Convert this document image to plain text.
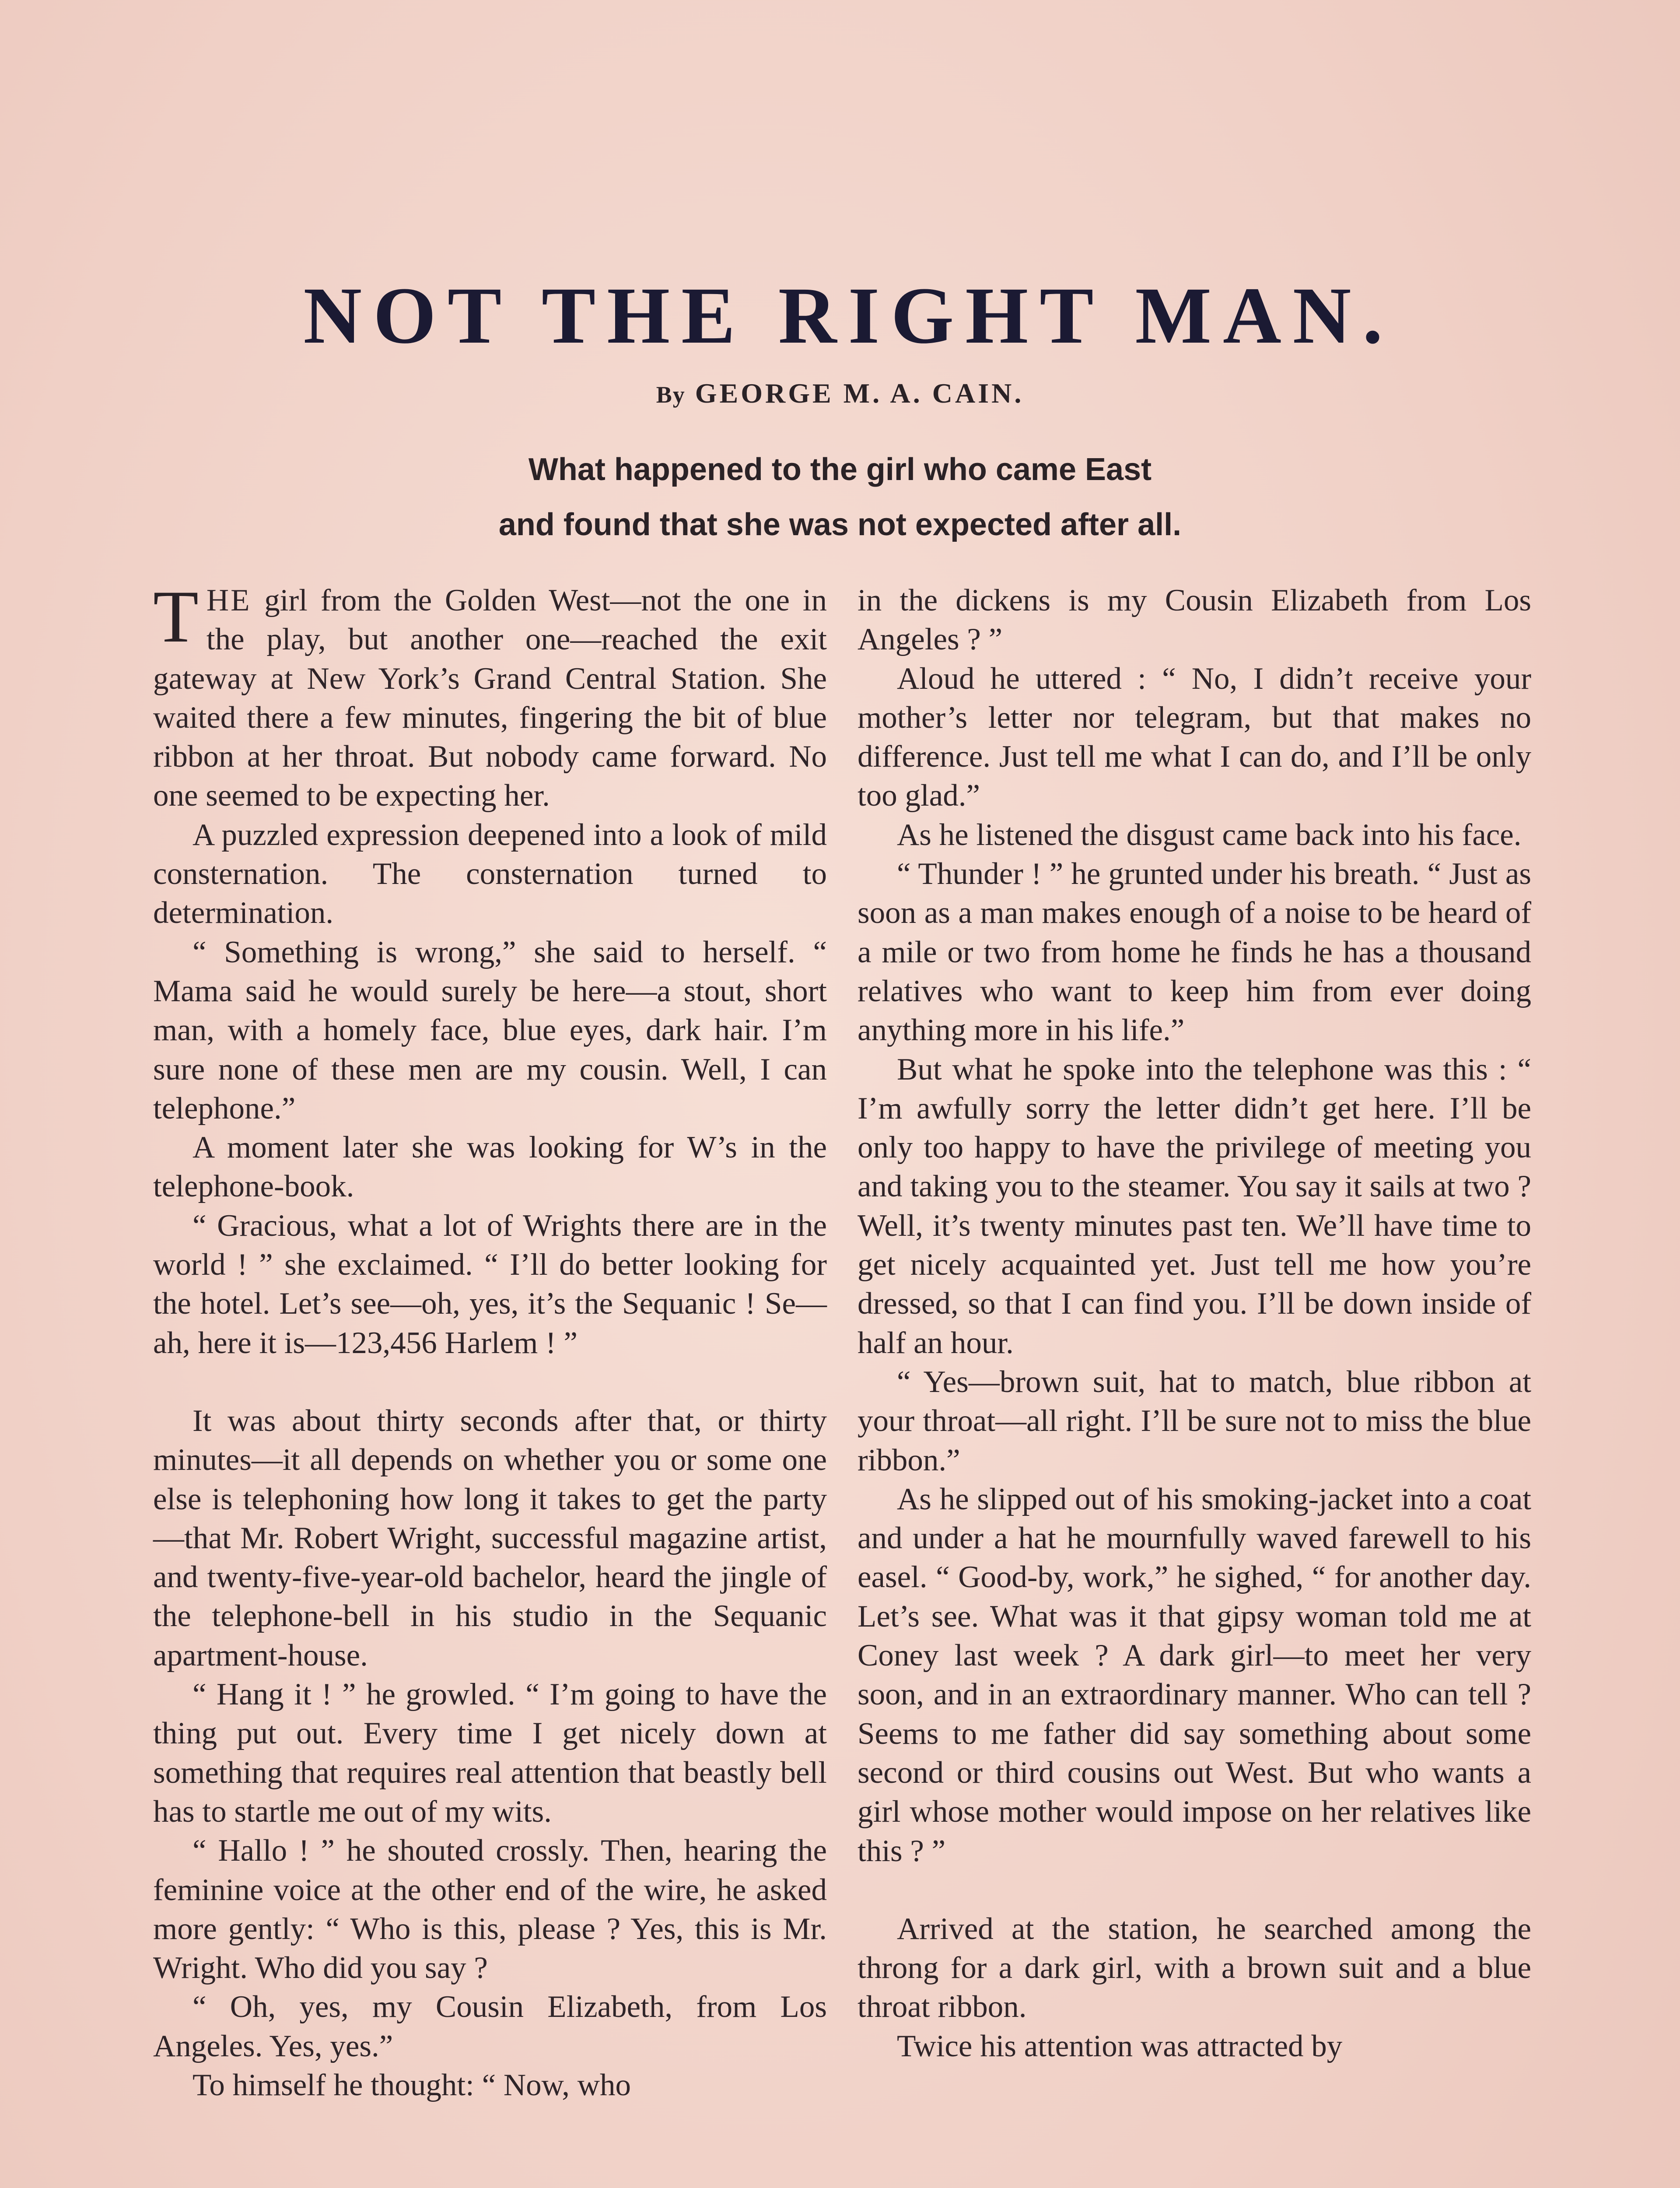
NOT THE RIGHT MAN.
By GEORGE M. A. CAIN.
What happened to the girl who came East
and found that she was not expected after all.

THE girl from the Golden West—not the one in the play, but another one—reached the exit gateway at New York’s Grand Central Station. She waited there a few minutes, fingering the bit of blue ribbon at her throat. But nobody came forward. No one seemed to be expecting her.

A puzzled expression deepened into a look of mild consternation. The consternation turned to determination.

“ Something is wrong,” she said to herself. “ Mama said he would surely be here—a stout, short man, with a homely face, blue eyes, dark hair. I’m sure none of these men are my cousin. Well, I can telephone.”

A moment later she was looking for W’s in the telephone-book.

“ Gracious, what a lot of Wrights there are in the world ! ” she exclaimed. “ I’ll do better looking for the hotel. Let’s see—oh, yes, it’s the Sequanic ! Se—ah, here it is—123,456 Harlem ! ”

It was about thirty seconds after that, or thirty minutes—it all depends on whether you or some one else is telephoning how long it takes to get the party—that Mr. Robert Wright, successful magazine artist, and twenty-five-year-old bachelor, heard the jingle of the telephone-bell in his studio in the Sequanic apartment-house.

“ Hang it ! ” he growled. “ I’m going to have the thing put out. Every time I get nicely down at something that requires real attention that beastly bell has to startle me out of my wits.

“ Hallo ! ” he shouted crossly. Then, hearing the feminine voice at the other end of the wire, he asked more gently: “ Who is this, please ? Yes, this is Mr. Wright. Who did you say ?

“ Oh, yes, my Cousin Elizabeth, from Los Angeles. Yes, yes.”

To himself he thought: “ Now, who

in the dickens is my Cousin Elizabeth from Los Angeles ? ”

Aloud he uttered : “ No, I didn’t receive your mother’s letter nor telegram, but that makes no difference. Just tell me what I can do, and I’ll be only too glad.”

As he listened the disgust came back into his face.

“ Thunder ! ” he grunted under his breath. “ Just as soon as a man makes enough of a noise to be heard of a mile or two from home he finds he has a thousand relatives who want to keep him from ever doing anything more in his life.”

But what he spoke into the telephone was this : “ I’m awfully sorry the letter didn’t get here. I’ll be only too happy to have the privilege of meeting you and taking you to the steamer. You say it sails at two ? Well, it’s twenty minutes past ten. We’ll have time to get nicely acquainted yet. Just tell me how you’re dressed, so that I can find you. I’ll be down inside of half an hour.

“ Yes—brown suit, hat to match, blue ribbon at your throat—all right. I’ll be sure not to miss the blue ribbon.”

As he slipped out of his smoking-jacket into a coat and under a hat he mournfully waved farewell to his easel. “ Good-by, work,” he sighed, “ for another day. Let’s see. What was it that gipsy woman told me at Coney last week ? A dark girl—to meet her very soon, and in an extraordinary manner. Who can tell ? Seems to me father did say something about some second or third cousins out West. But who wants a girl whose mother would impose on her relatives like this ? ”

Arrived at the station, he searched among the throng for a dark girl, with a brown suit and a blue throat ribbon.

Twice his attention was attracted by
